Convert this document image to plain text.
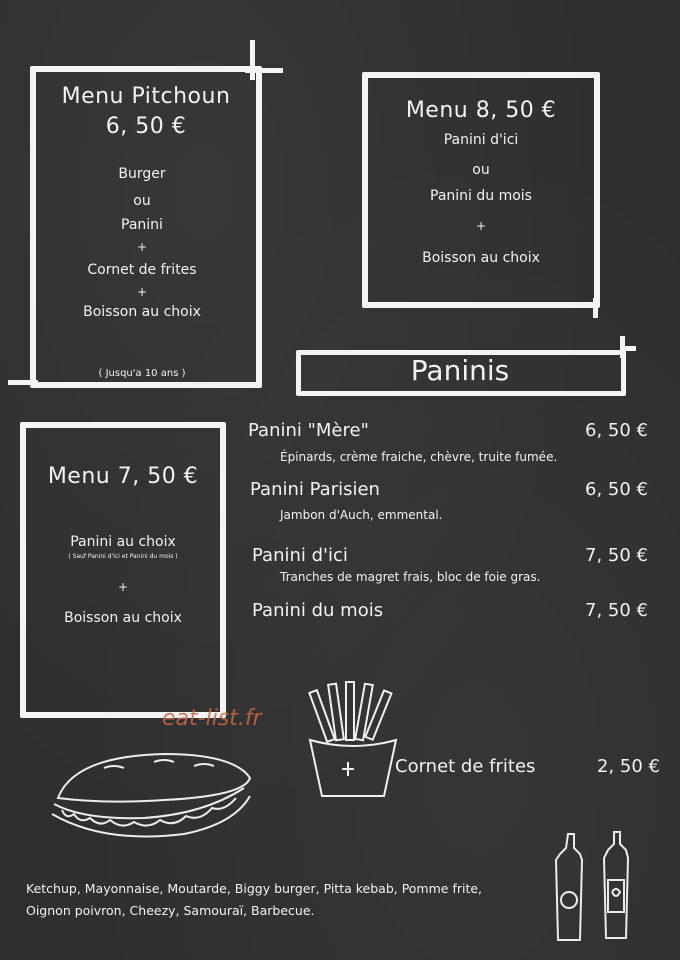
Menu Pitchoun
6, 50 €
Burger
ou
Panini
+
Cornet de frites
+
Boisson au choix
( Jusqu'a 10 ans )
Menu 8, 50 €
Panini d'ici
ou
Panini du mois
+
Boisson au choix
Paninis
Menu 7, 50 €
Panini au choix
( Sauf Panini d'ici et Panini du mois )
+
Boisson au choix
Panini "Mère"	6, 50 €
Épinards, crème fraiche, chèvre, truite fumée.
Panini Parisien	6, 50 €
Jambon d'Auch, emmental.
Panini d'ici	7, 50 €
Tranches de magret frais, bloc de foie gras.
Panini du mois	7, 50 €
eat-list.fr
Cornet de frites	2, 50 €
Ketchup, Mayonnaise, Moutarde, Biggy burger, Pitta kebab, Pomme frite,
Oignon poivron, Cheezy, Samouraï, Barbecue.
